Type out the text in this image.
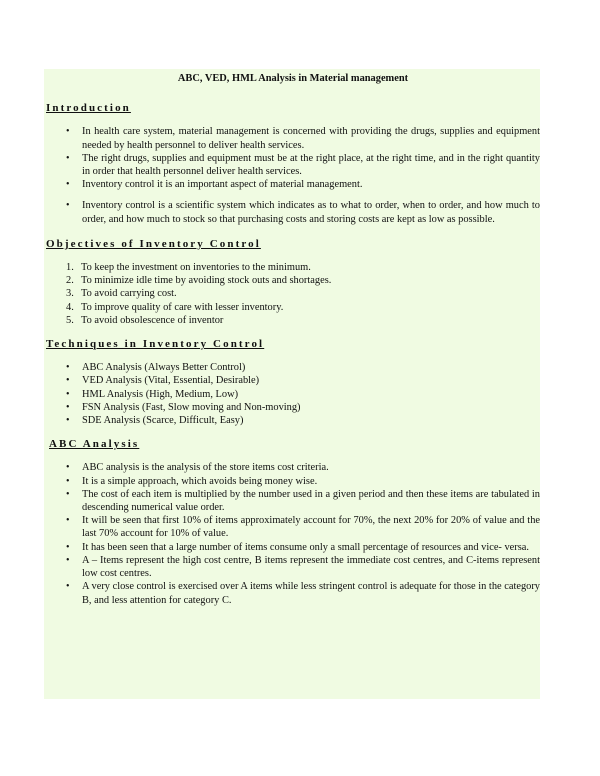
ABC, VED, HML Analysis in Material management
Introduction
• In health care system, material management is concerned with providing the drugs, supplies and equipment needed by health personnel to deliver health services.
• The right drugs, supplies and equipment must be at the right place, at the right time, and in the right quantity in order that health personnel deliver health services.
• Inventory control it is an important aspect of material management.
• Inventory control is a scientific system which indicates as to what to order, when to order, and how much to order, and how much to stock so that purchasing costs and storing costs are kept as low as possible.
Objectives of Inventory Control
1. To keep the investment on inventories to the minimum.
2. To minimize idle time by avoiding stock outs and shortages.
3. To avoid carrying cost.
4. To improve quality of care with lesser inventory.
5. To avoid obsolescence of inventor
Techniques in Inventory Control
• ABC Analysis (Always Better Control)
• VED Analysis (Vital, Essential, Desirable)
• HML Analysis (High, Medium, Low)
• FSN Analysis (Fast, Slow moving and Non-moving)
• SDE Analysis (Scarce, Difficult, Easy)
ABC Analysis
• ABC analysis is the analysis of the store items cost criteria.
• It is a simple approach, which avoids being money wise.
• The cost of each item is multiplied by the number used in a given period and then these items are tabulated in descending numerical value order.
• It will be seen that first 10% of items approximately account for 70%, the next 20% for 20% of value and the last 70% account for 10% of value.
• It has been seen that a large number of items consume only a small percentage of resources and vice- versa.
• A – Items represent the high cost centre, B items represent the immediate cost centres, and C-items represent low cost centres.
• A very close control is exercised over A items while less stringent control is adequate for those in the category B, and less attention for category C.
